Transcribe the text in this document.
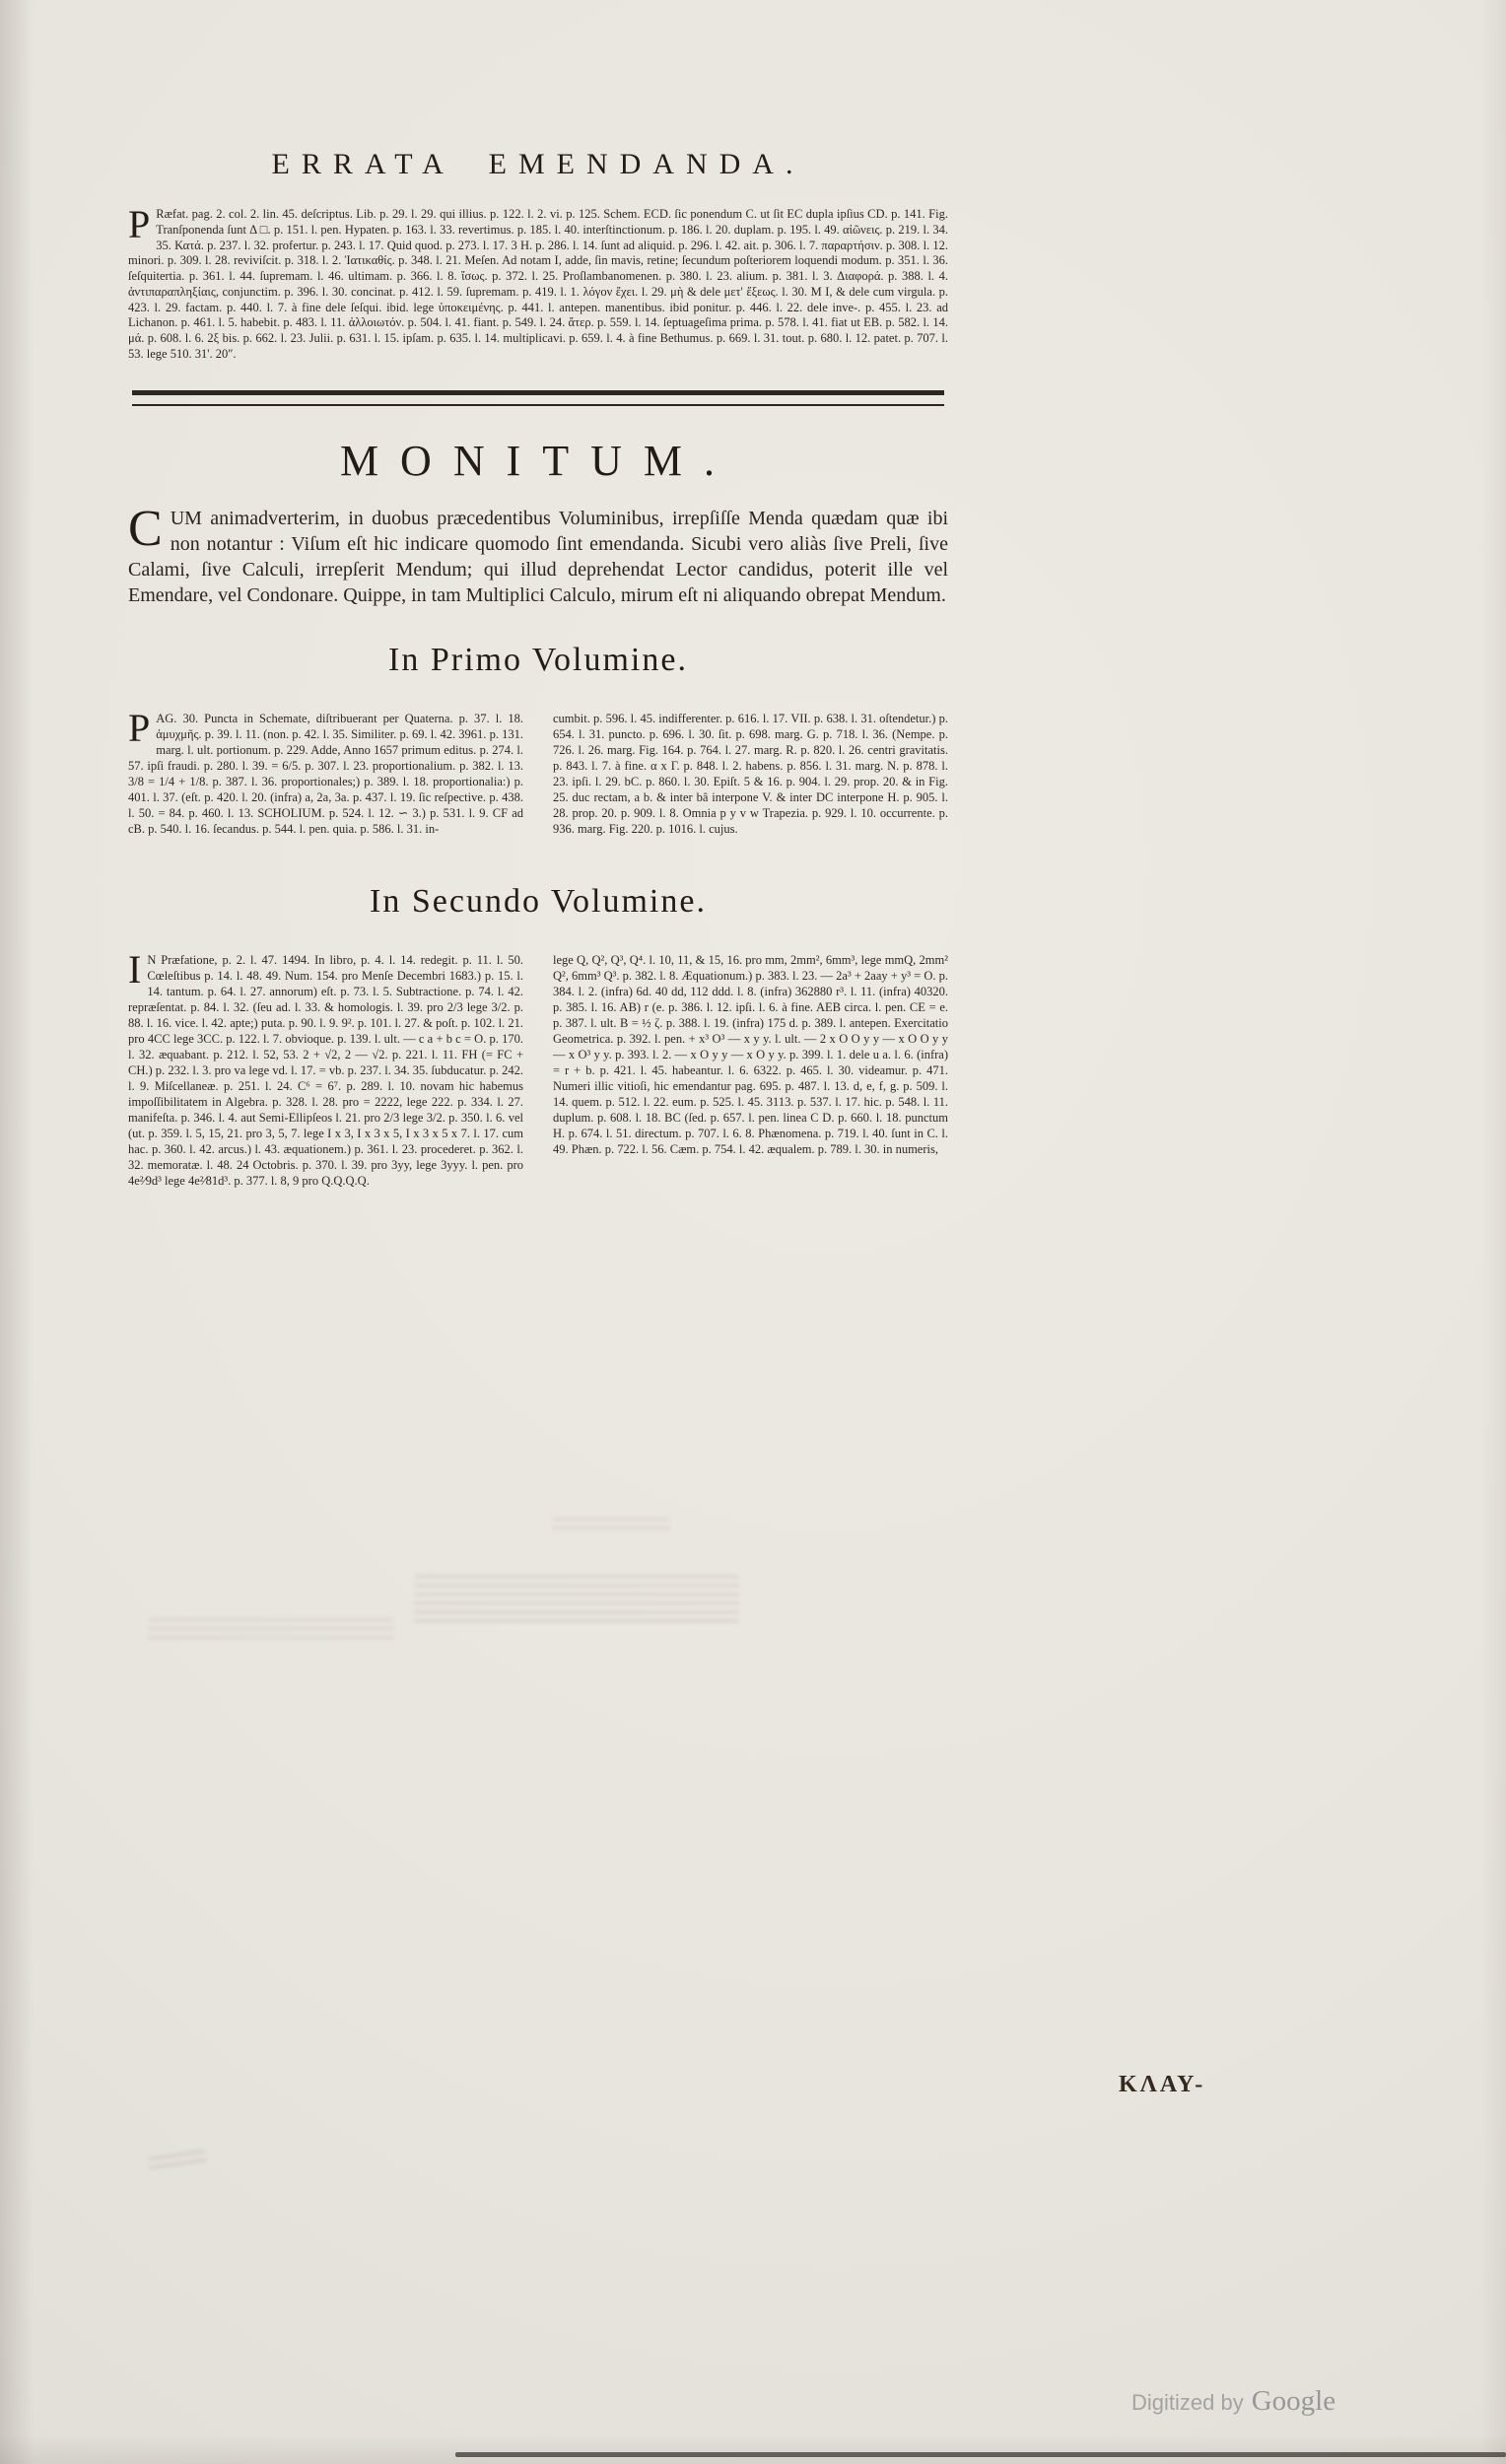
ERRATA EMENDANDA.

P Ræfat. pag. 2. col. 2. lin. 45. deſcriptus. Lib. p. 29. l. 29. qui illius. p. 122. l. 2. vi. p. 125. Schem. ECD. ſic ponendum C. ut ſit EC dupla ipſius CD. p. 141. Fig. Tranſponenda ſunt Δ □. p. 151. l. pen. Hypaten. p. 163. l. 33. revertimus. p. 185. l. 40. interſtinctionum. p. 186. l. 20. duplam. p. 195. l. 49. αἰῶνεις. p. 219. l. 34. 35. Κατά. p. 237. l. 32. profertur. p. 243. l. 17. Quid quod. p. 273. l. 17. 3 H. p. 286. l. 14. ſunt ad aliquid. p. 296. l. 42. ait. p. 306. l. 7. παραρτήσιν. p. 308. l. 12. minori. p. 309. l. 28. reviviſcit. p. 318. l. 2. Ἰατικαθίς. p. 348. l. 21. Meſen. Ad notam I, adde, ſin mavis, retine; ſecundum poſteriorem loquendi modum. p. 351. l. 36. ſeſquitertia. p. 361. l. 44. ſupremam. l. 46. ultimam. p. 366. l. 8. ἴσως. p. 372. l. 25. Proſlambanomenen. p. 380. l. 23. alium. p. 381. l. 3. Διαφορά. p. 388. l. 4. ἀντιπαραπληξίαις, conjunctim. p. 396. l. 30. concinat. p. 412. l. 59. ſupremam. p. 419. l. 1. λόγον ἔχει. l. 29. μὴ & dele μετ' ἔξεως. l. 30. M I, & dele cum virgula. p. 423. l. 29. factam. p. 440. l. 7. à fine dele ſeſqui. ibid. lege ὑποκειμένης. p. 441. l. antepen. manentibus. ibid ponitur. p. 446. l. 22. dele inve-. p. 455. l. 23. ad Lichanon. p. 461. l. 5. habebit. p. 483. l. 11. ἀλλοιωτόν. p. 504. l. 41. fiant. p. 549. l. 24. ἄτερ. p. 559. l. 14. ſeptuageſima prima. p. 578. l. 41. fiat ut EB. p. 582. l. 14. μά. p. 608. l. 6. 2ξ bis. p. 662. l. 23. Julii. p. 631. l. 15. ipſam. p. 635. l. 14. multiplicavi. p. 659. l. 4. à fine Bethumus. p. 669. l. 31. tout. p. 680. l. 12. patet. p. 707. l. 53. lege 510. 31'. 20″.

MONITUM.

CUM animadverterim, in duobus præcedentibus Voluminibus, irrepſiſſe Menda quædam quæ ibi non notantur : Viſum eſt hic indicare quomodo ſint emendanda. Sicubi vero aliàs ſive Preli, ſive Calami, ſive Calculi, irrepſerit Mendum; qui illud deprehendat Lector candidus, poterit ille vel Emendare, vel Condonare. Quippe, in tam Multiplici Calculo, mirum eſt ni aliquando obrepat Mendum.

In Primo Volumine.

PAG. 30. Puncta in Schemate, diſtribuerant per Quaterna. p. 37. l. 18. ἀμυχμῆς. p. 39. l. 11. (non. p. 42. l. 35. Similiter. p. 69. l. 42. 3961. p. 131. marg. l. ult. portionum. p. 229. Adde, Anno 1657 primum editus. p. 274. l. 57. ipſi fraudi. p. 280. l. 39. = 6/5. p. 307. l. 23. proportionalium. p. 382. l. 13. 3/8 = 1/4 + 1/8. p. 387. l. 36. proportionales;) p. 389. l. 18. proportionalia:) p. 401. l. 37. (eſt. p. 420. l. 20. (infra) a, 2a, 3a. p. 437. l. 19. ſic reſpective. p. 438. l. 50. = 84. p. 460. l. 13. SCHOLIUM. p. 524. l. 12. ∽ 3.) p. 531. l. 9. CF ad cB. p. 540. l. 16. ſecandus. p. 544. l. pen. quia. p. 586. l. 31. in-

cumbit. p. 596. l. 45. indifferenter. p. 616. l. 17. VII. p. 638. l. 31. oſtendetur.) p. 654. l. 31. puncto. p. 696. l. 30. ſit. p. 698. marg. G. p. 718. l. 36. (Nempe. p. 726. l. 26. marg. Fig. 164. p. 764. l. 27. marg. R. p. 820. l. 26. centri gravitatis. p. 843. l. 7. à fine. α x Γ. p. 848. l. 2. habens. p. 856. l. 31. marg. N. p. 878. l. 23. ipſi. l. 29. bC. p. 860. l. 30. Epiſt. 5 & 16. p. 904. l. 29. prop. 20. & in Fig. 25. duc rectam, a b. & inter bâ interpone V. & inter DC interpone H. p. 905. l. 28. prop. 20. p. 909. l. 8. Omnia p y v w Trapezia. p. 929. l. 10. occurrente. p. 936. marg. Fig. 220. p. 1016. l. cujus.

In Secundo Volumine.

I N Præfatione, p. 2. l. 47. 1494. In libro, p. 4. l. 14. redegit. p. 11. l. 50. Cœleſtibus p. 14. l. 48. 49. Num. 154. pro Menſe Decembri 1683.) p. 15. l. 14. tantum. p. 64. l. 27. annorum) eſt. p. 73. l. 5. Subtractione. p. 74. l. 42. repræſentat. p. 84. l. 32. (ſeu ad. l. 33. & homologis. l. 39. pro 2/3 lege 3/2. p. 88. l. 16. vice. l. 42. apte;) puta. p. 90. l. 9. 9². p. 101. l. 27. & poſt. p. 102. l. 21. pro 4CC lege 3CC. p. 122. l. 7. obvioque. p. 139. l. ult. — c a + b c = O. p. 170. l. 32. æquabant. p. 212. l. 52, 53. 2 + √2, 2 — √2. p. 221. l. 11. FH (= FC + CH.) p. 232. l. 3. pro va lege vd. l. 17. = vb. p. 237. l. 34. 35. ſubducatur. p. 242. l. 9. Miſcellaneæ. p. 251. l. 24. C⁶ = 6⁷. p. 289. l. 10. novam hic habemus impoſſibilitatem in Algebra. p. 328. l. 28. pro = 2222, lege 222. p. 334. l. 27. manifeſta. p. 346. l. 4. aut Semi-Ellipſeos l. 21. pro 2/3 lege 3/2. p. 350. l. 6. vel (ut. p. 359. l. 5, 15, 21. pro 3, 5, 7. lege I x 3, I x 3 x 5, I x 3 x 5 x 7. l. 17. cum hac. p. 360. l. 42. arcus.) l. 43. æquationem.) p. 361. l. 23. procederet. p. 362. l. 32. memoratæ. l. 48. 24 Octobris. p. 370. l. 39. pro 3yy, lege 3yyy. l. pen. pro 4e²⁄9d³ lege 4e²⁄81d³. p. 377. l. 8, 9 pro Q.Q.Q.Q.

lege Q, Q², Q³, Q⁴. l. 10, 11, & 15, 16. pro mm, 2mm², 6mm³, lege mmQ, 2mm² Q², 6mm³ Q³. p. 382. l. 8. Æquationum.) p. 383. l. 23. — 2a³ + 2aay + y³ = O. p. 384. l. 2. (infra) 6d. 40 dd, 112 ddd. l. 8. (infra) 362880 r³. l. 11. (infra) 40320. p. 385. l. 16. AB) r (e. p. 386. l. 12. ipſi. l. 6. à fine. AEB circa. l. pen. CE = e. p. 387. l. ult. B = ½ ζ. p. 388. l. 19. (infra) 175 d. p. 389. l. antepen. Exercitatio Geometrica. p. 392. l. pen. + x³ O³ — x y y. l. ult. — 2 x O O y y — x O O y y — x O³ y y. p. 393. l. 2. — x O y y — x O y y. p. 399. l. 1. dele u a. l. 6. (infra) = r + b. p. 421. l. 45. habeantur. l. 6. 6322. p. 465. l. 30. videamur. p. 471. Numeri illic vitioſi, hic emendantur pag. 695. p. 487. l. 13. d, e, f, g. p. 509. l. 14. quem. p. 512. l. 22. eum. p. 525. l. 45. 3113. p. 537. l. 17. hic. p. 548. l. 11. duplum. p. 608. l. 18. BC (ſed. p. 657. l. pen. linea C D. p. 660. l. 18. punctum H. p. 674. l. 51. directum. p. 707. l. 6. 8. Phænomena. p. 719. l. 40. ſunt in C. l. 49. Phæn. p. 722. l. 56. Cæm. p. 754. l. 42. æqualem. p. 789. l. 30. in numeris,

ΚΛΑΥ-
Digitized by Google
